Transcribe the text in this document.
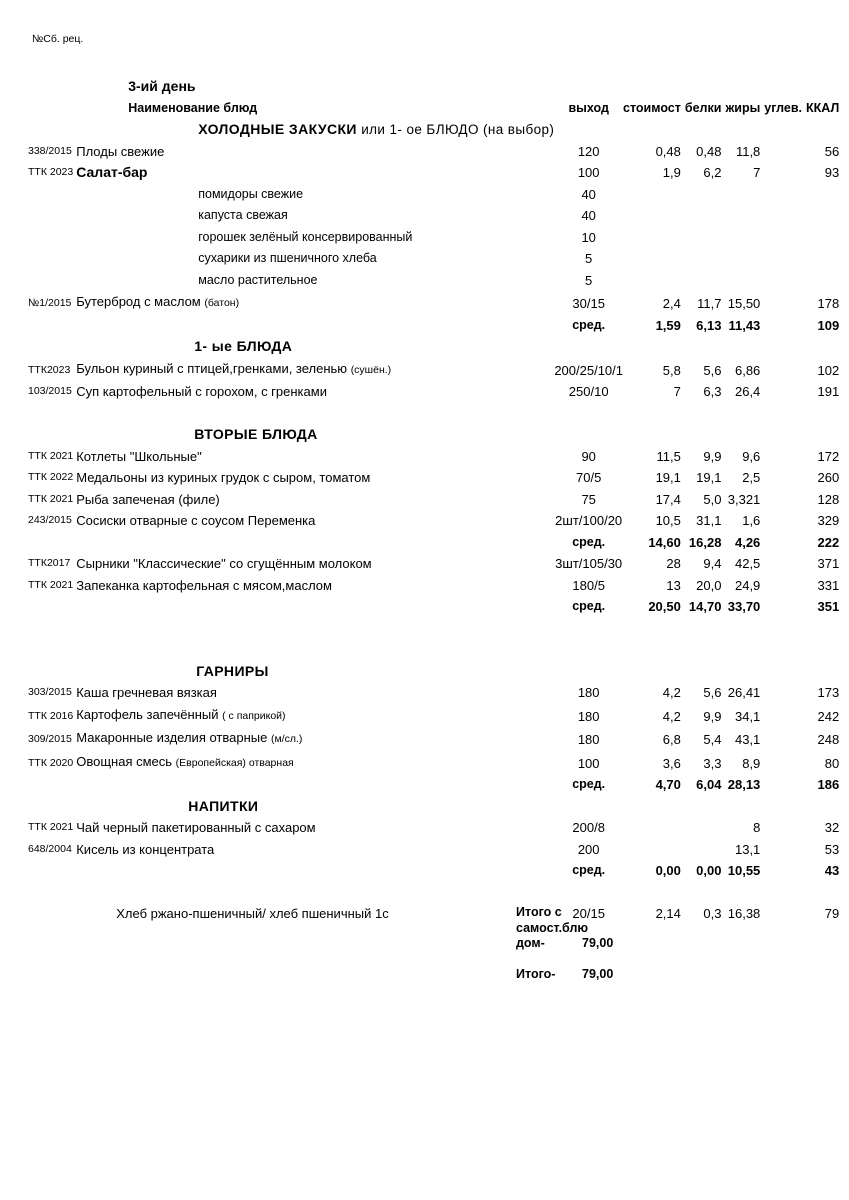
№Сб. рец.
	3-ий день						
	Наименование блюд	выход	стоимост	белки	жиры	углев.	ККАЛ
	ХОЛОДНЫЕ ЗАКУСКИ или 1- ое БЛЮДО (на выбор)						
338/2015	Плоды свежие	120	0,48	0,48	11,8		56
ТТК 2023	Салат-бар	100	1,9	6,2	7		93
	помидоры свежие	40					
	капуста свежая	40					
	горошек зелёный консервированный	10					
	сухарики из пшеничного хлеба	5					
	масло растительное	5					
№1/2015	Бутерброд с маслом (батон)	30/15	2,4	11,7	15,50		178
		сред.	1,59	6,13	11,43		109
	1- ые БЛЮДА						
ТТК2023	Бульон куриный с птицей,гренками, зеленью (сушён.)	200/25/10/1	5,8	5,6	6,86		102
103/2015	Суп картофельный с горохом, с гренками	250/10	7	6,3	26,4		191

	ВТОРЫЕ БЛЮДА						
ТТК 2021	Котлеты "Школьные"	90	11,5	9,9	9,6		172
ТТК 2022	Медальоны из куриных грудок с сыром, томатом	70/5	19,1	19,1	2,5		260
ТТК 2021	Рыба запеченая (филе)	75	17,4	5,0	3,321		128
243/2015	Сосиски отварные с соусом Переменка	2шт/100/20	10,5	31,1	1,6		329
		сред.	14,60	16,28	4,26		222
ТТК2017	Сырники "Классические" со сгущённым молоком	3шт/105/30	28	9,4	42,5		371
ТТК 2021	Запеканка картофельная с мясом,маслом	180/5	13	20,0	24,9		331
		сред.	20,50	14,70	33,70		351

	ГАРНИРЫ						
303/2015	Каша гречневая вязкая	180	4,2	5,6	26,41		173
ТТК 2016	Картофель запечённый ( с паприкой)	180	4,2	9,9	34,1		242
309/2015	Макаронные изделия отварные (м/сл.)	180	6,8	5,4	43,1		248
ТТК 2020	Овощная смесь (Европейская) отварная	100	3,6	3,3	8,9		80
		сред.	4,70	6,04	28,13		186
	НАПИТКИ						
ТТК 2021	Чай черный пакетированный с сахаром	200/8			8		32
648/2004	Кисель из концентрата	200			13,1		53
		сред.	0,00	0,00	10,55		43

	Хлеб ржано-пшеничный/ хлеб пшеничный 1с	20/15	2,14	0,3	16,38		79
Итого с
самост.блю
дом-	79,00
Итого- 79,00
